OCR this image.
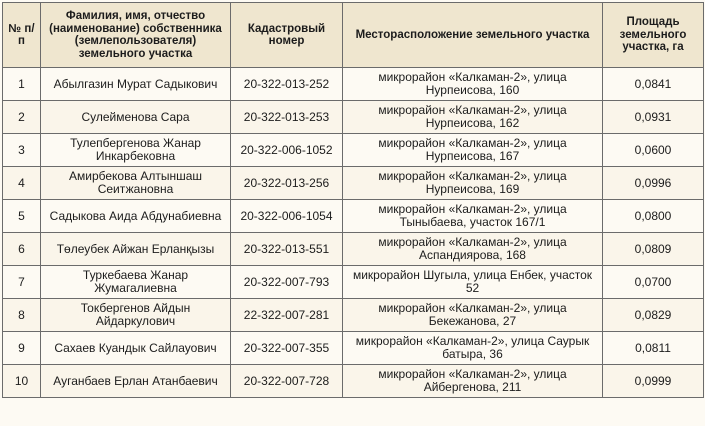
№ п/п	Фамилия, имя, отчество (наименование) собственника (землепользователя) земельного участка	Кадастровый номер	Месторасположение земельного участка	Площадь земельного участка, га
1	Абылгазин Мурат Садыкович	20-322-013-252	микрорайон «Калкаман-2», улица Нурпеисова, 160	0,0841
2	Сулейменова Сара	20-322-013-253	микрорайон «Калкаман-2», улица Нурпеисова, 162	0,0931
3	Тулепбергенова Жанар Инкарбековна	20-322-006-1052	микрорайон «Калкаман-2», улица Нурпеисова, 167	0,0600
4	Амирбекова Алтыншаш Сеитжановна	20-322-013-256	микрорайон «Калкаман-2», улица Нурпеисова, 169	0,0996
5	Садыкова Аида Абдунабиевна	20-322-006-1054	микрорайон «Калкаман-2», улица Тыныбаева, участок 167/1	0,0800
6	Төлеубек Айжан Ерланқызы	20-322-013-551	микрорайон «Калкаман-2», улица Аспандиярова, 168	0,0809
7	Туркебаева Жанар Жумагалиевна	20-322-007-793	микрорайон Шугыла, улица Енбек, участок 52	0,0700
8	Токбергенов Айдын Айдаркулович	22-322-007-281	микрорайон «Калкаман-2», улица Бекежанова, 27	0,0829
9	Сахаев Куандык Сайлауович	20-322-007-355	микрорайон «Калкаман-2», улица Саурык батыра, 36	0,0811
10	Ауганбаев Ерлан Атанбаевич	20-322-007-728	микрорайон «Калкаман-2», улица Айбергенова, 211	0,0999
